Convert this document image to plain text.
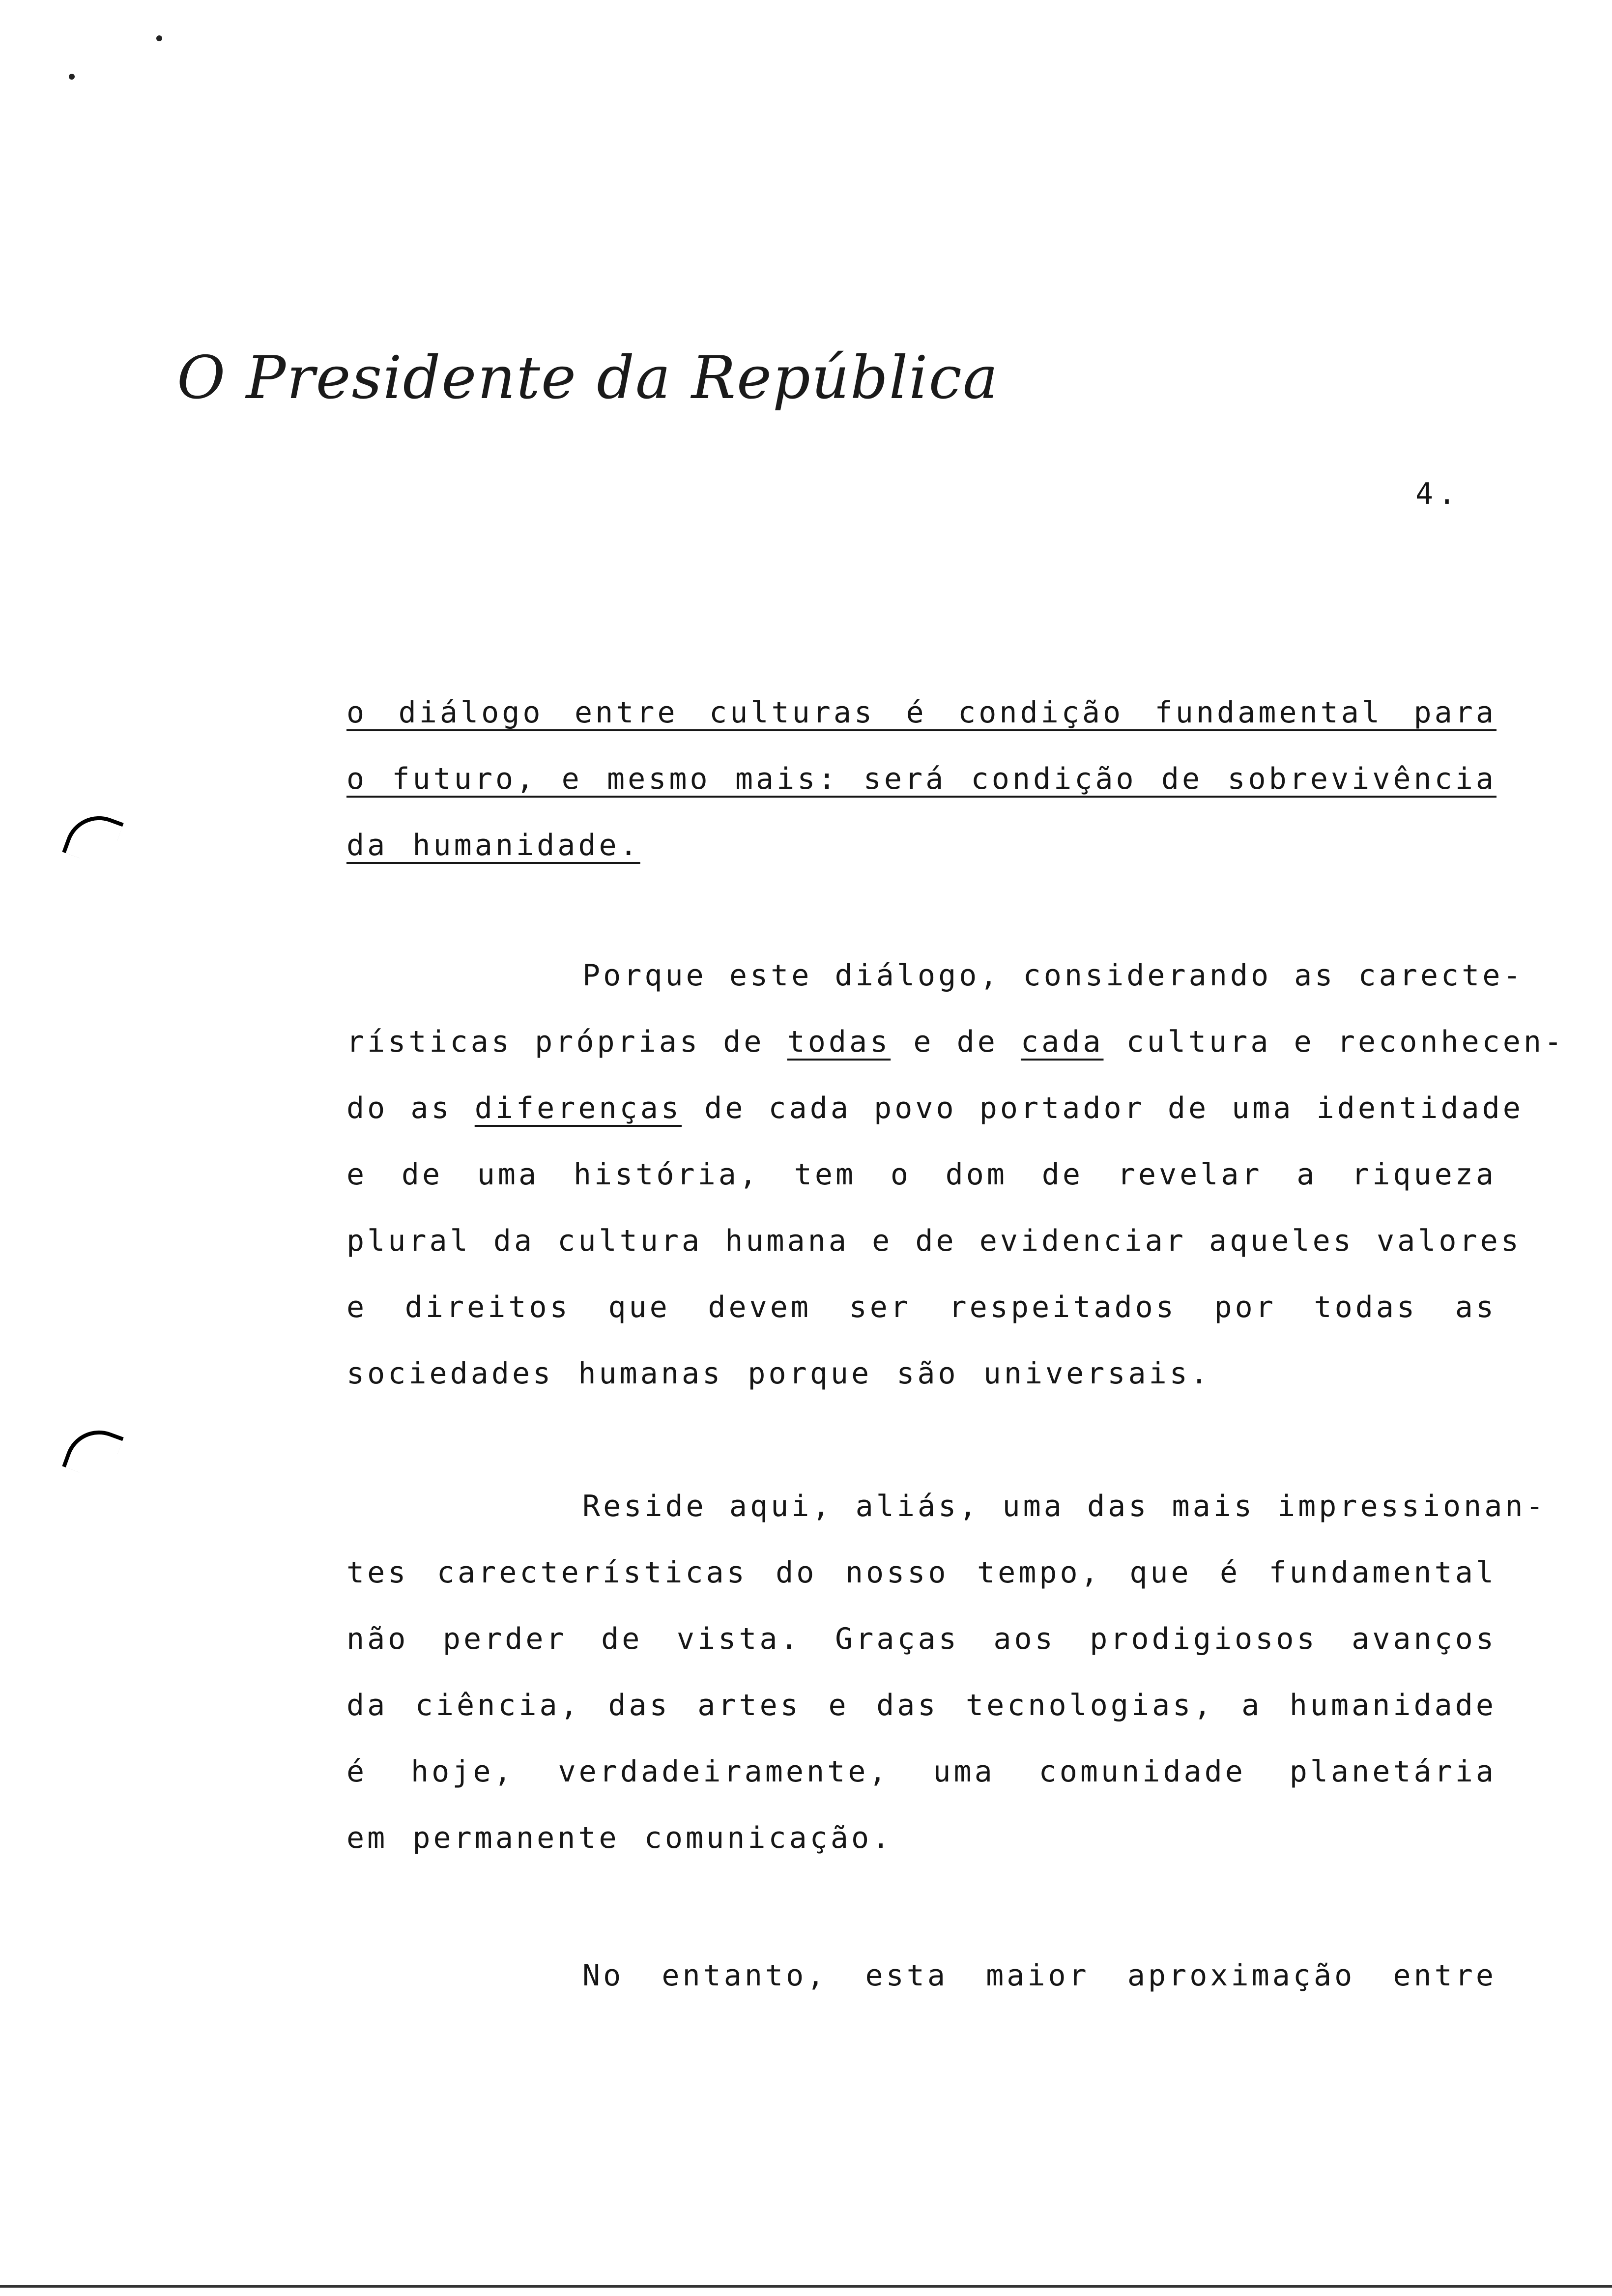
O Presidente da República
4.
o diálogo entre culturas é condição fundamental para
o futuro, e mesmo mais: será condição de sobrevivência
da humanidade.
Porque este diálogo, considerando as carecte-
rísticas próprias de todas e de cada cultura e reconhecen-
do as diferenças de cada povo portador de uma identidade
e de uma história, tem o dom de revelar a riqueza
plural da cultura humana e de evidenciar aqueles valores
e direitos que devem ser respeitados por todas as
sociedades humanas porque são universais.
Reside aqui, aliás, uma das mais impressionan-
tes carecterísticas do nosso tempo, que é fundamental
não perder de vista. Graças aos prodigiosos avanços
da ciência, das artes e das tecnologias, a humanidade
é hoje, verdadeiramente, uma comunidade planetária
em permanente comunicação.
No entanto, esta maior aproximação entre
